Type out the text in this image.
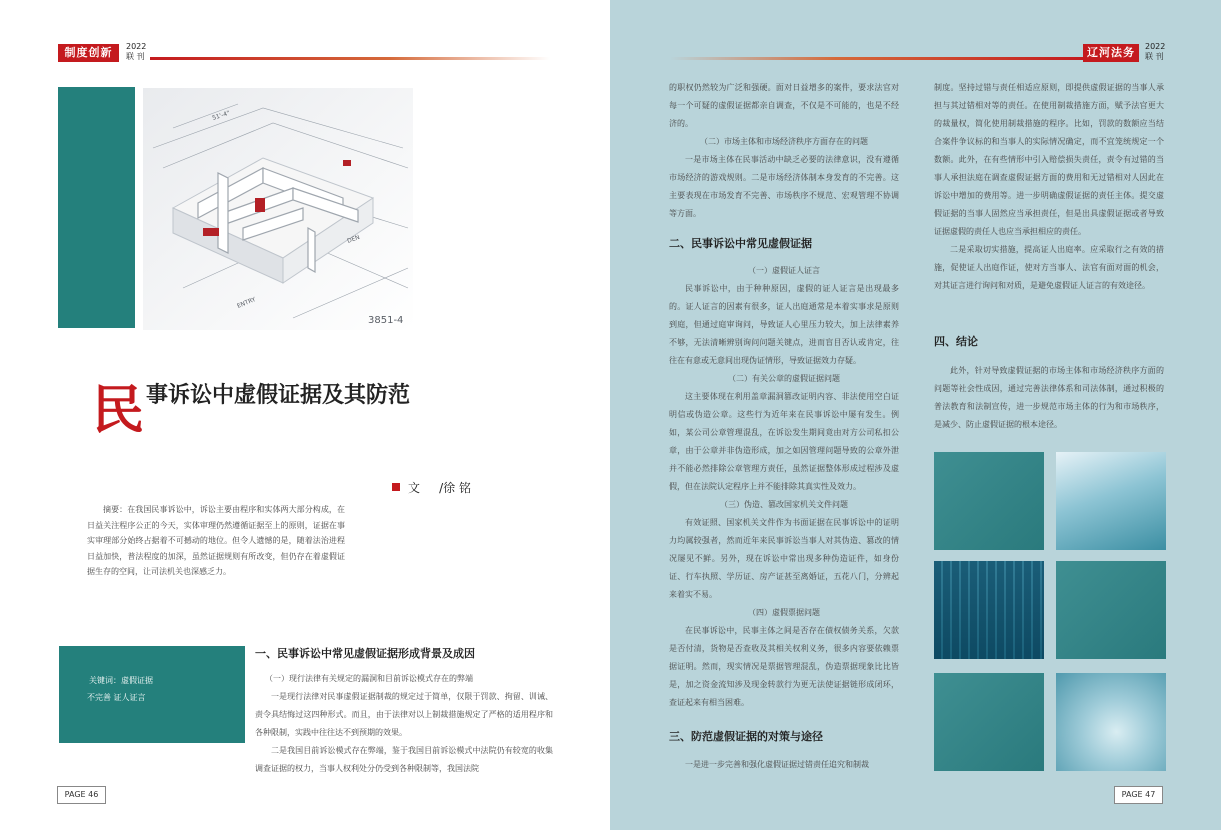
制度创新	2022
联 刊
51'-4"
DEN
ENTRY
3851-4
民 事诉讼中虚假证据及其防范
文 /徐 铭
摘要：在我国民事诉讼中，诉讼主要由程序和实体两大部分构成，在日益关注程序公正的今天，实体审理仍然遵循证据至上的原则，证据在事实审理部分始终占据着不可撼动的地位。但令人遗憾的是，随着法治进程日益加快，普法程度的加深，虽然证据规则有所改变，但仍存在着虚假证据生存的空间，让司法机关也深感乏力。
关键词：虚假证据
不完善 证人证言
一、民事诉讼中常见虚假证据形成背景及成因

（一）现行法律有关规定的漏洞和目前诉讼模式存在的弊端

一是现行法律对民事虚假证据制裁的规定过于简单，仅限于罚款、拘留、训诫、责令具结悔过这四种形式。而且，由于法律对以上制裁措施规定了严格的适用程序和各种限制，实践中往往达不到预期的效果。

二是我国目前诉讼模式存在弊端，鉴于我国目前诉讼模式中法院仍有较宽的收集调查证据的权力，当事人权利处分仍受到各种限制等，我国法院

PAGE 46
辽河法务	2022
联 刊

的职权仍然较为广泛和强硬。面对日益增多的案件，要求法官对每一个可疑的虚假证据都亲自调查，不仅是不可能的，也是不经济的。

（二）市场主体和市场经济秩序方面存在的问题

一是市场主体在民事活动中缺乏必要的法律意识，没有遵循市场经济的游戏规则。二是市场经济体制本身发育的不完善。这主要表现在市场发育不完善、市场秩序不规范、宏观管理不协调等方面。

二、民事诉讼中常见虚假证据

（一）虚假证人证言

民事诉讼中，由于种种原因，虚假的证人证言是出现最多的。证人证言的因素有很多，证人出庭通常是本着实事求是原则到庭，但通过庭审询问，导致证人心里压力较大，加上法律素养不够，无法清晰辨别询问问题关键点，进而盲目否认或肯定，往往在有意或无意间出现伪证情形，导致证据效力存疑。

（二）有关公章的虚假证据问题

这主要体现在利用盖章漏洞篡改证明内容、非法使用空白证明信或伪造公章。这些行为近年来在民事诉讼中屡有发生。例如，某公司公章管理混乱，在诉讼发生期间竟由对方公司私扣公章，由于公章并非伪造形成，加之如因管理问题导致的公章外泄并不能必然排除公章管理方责任，虽然证据整体形成过程涉及虚假，但在法院认定程序上并不能排除其真实性及效力。

（三）伪造、篡改国家机关文件问题

有效证照、国家机关文件作为书面证据在民事诉讼中的证明力均属较强者，然而近年来民事诉讼当事人对其伪造、篡改的情况屡见不鲜。另外，现在诉讼中常出现多种伪造证件，如身份证、行车执照、学历证、房产证甚至离婚证，五花八门，分辨起来着实不易。

（四）虚假票据问题

在民事诉讼中，民事主体之间是否存在债权债务关系，欠款是否付清，货物是否查收及其相关权利义务，很多内容要依赖票据证明。然而，现实情况是票据管理混乱，伪造票据现象比比皆是，加之资金流知涉及现金转款行为更无法使证据链形成闭环，查证起来有相当困难。

三、防范虚假证据的对策与途径

一是进一步完善和强化虚假证据过错责任追究和制裁

制度。坚持过错与责任相适应原则，即提供虚假证据的当事人承担与其过错相对等的责任。在使用制裁措施方面，赋予法官更大的裁量权，简化使用制裁措施的程序。比如，罚款的数额应当结合案件争议标的和当事人的实际情况确定，而不宜笼统规定一个数额。此外，在有些情形中引入赔偿损失责任，责令有过错的当事人承担法庭在调查虚假证据方面的费用和无过错相对人因此在诉讼中增加的费用等。进一步明确虚假证据的责任主体。提交虚假证据的当事人固然应当承担责任，但是出具虚假证据或者导致证据虚假的责任人也应当承担相应的责任。

二是采取切实措施，提高证人出庭率。应采取行之有效的措施，促使证人出庭作证，使对方当事人、法官有面对面的机会，对其证言进行询问和对质，是避免虚假证人证言的有效途径。

四、结论

此外，针对导致虚假证据的市场主体和市场经济秩序方面的问题等社会性成因，通过完善法律体系和司法体制，通过积极的普法教育和法制宣传，进一步规范市场主体的行为和市场秩序，是减少、防止虚假证据的根本途径。

PAGE 47
